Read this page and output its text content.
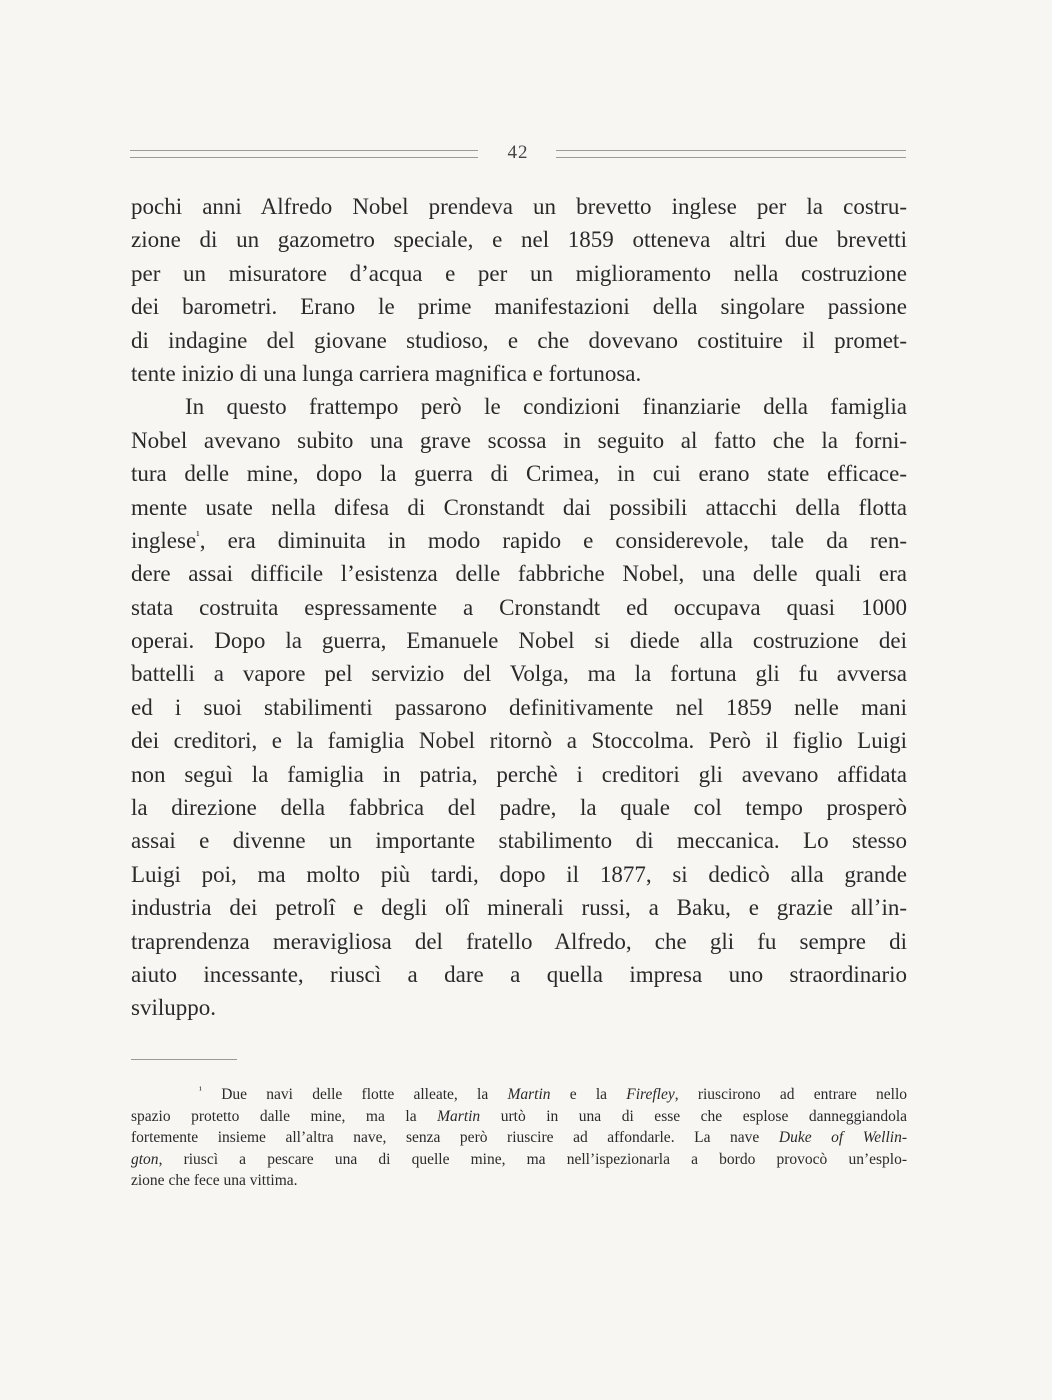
42
pochi anni Alfredo Nobel prendeva un brevetto inglese per la costru-
zione di un gazometro speciale, e nel 1859 otteneva altri due brevetti
per un misuratore d’acqua e per un miglioramento nella costruzione
dei barometri. Erano le prime manifestazioni della singolare passione
di indagine del giovane studioso, e che dovevano costituire il promet-
tente inizio di una lunga carriera magnifica e fortunosa.
In questo frattempo però le condizioni finanziarie della famiglia
Nobel avevano subito una grave scossa in seguito al fatto che la forni-
tura delle mine, dopo la guerra di Crimea, in cui erano state efficace-
mente usate nella difesa di Cronstandt dai possibili attacchi della flotta
inglese$^{^1}$, era diminuita in modo rapido e considerevole, tale da ren-
dere assai difficile l’esistenza delle fabbriche Nobel, una delle quali era
stata costruita espressamente a Cronstandt ed occupava quasi 1000
operai. Dopo la guerra, Emanuele Nobel si diede alla costruzione dei
battelli a vapore pel servizio del Volga, ma la fortuna gli fu avversa
ed i suoi stabilimenti passarono definitivamente nel 1859 nelle mani
dei creditori, e la famiglia Nobel ritornò a Stoccolma. Però il figlio Luigi
non seguì la famiglia in patria, perchè i creditori gli avevano affidata
la direzione della fabbrica del padre, la quale col tempo prosperò
assai e divenne un importante stabilimento di meccanica. Lo stesso
Luigi poi, ma molto più tardi, dopo il 1877, si dedicò alla grande
industria dei petrolî e degli olî minerali russi, a Baku, e grazie all’in-
traprendenza meravigliosa del fratello Alfredo, che gli fu sempre di
aiuto incessante, riuscì a dare a quella impresa uno straordinario
sviluppo.
$^{^1}$ Due navi delle flotte alleate, la Martin e la Firefley, riuscirono ad entrare nello
spazio protetto dalle mine, ma la Martin urtò in una di esse che esplose danneggiandola
fortemente insieme all’altra nave, senza però riuscire ad affondarle. La nave Duke of Wellin-
gton, riuscì a pescare una di quelle mine, ma nell’ispezionarla a bordo provocò un’esplo-
zione che fece una vittima.
